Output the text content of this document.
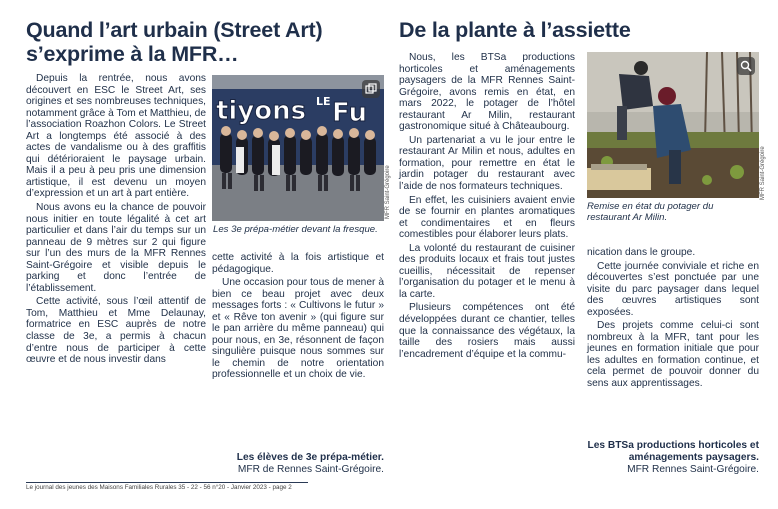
Quand l’art urbain (Street Art)
s’exprime à la MFR…

Depuis la rentrée, nous avons découvert en ESC le Street Art, ses origines et ses nombreuses techniques, notamment grâce à Tom et Matthieu, de l’association Roazhon Colors. Le Street Art a longtemps été associé à des actes de vandalisme ou à des graffitis qui détérioraient le paysage urbain. Mais il a peu à peu pris une dimension artistique, il est devenu un moyen d’expression et un art à part entière.

Nous avons eu la chance de pouvoir nous initier en toute légalité à cet art particulier et dans l’air du temps sur un panneau de 9 mètres sur 2 qui figure sur l’un des murs de la MFR Rennes Saint-Grégoire et visible depuis le parking et donc l’entrée de l’établissement.

Cette activité, sous l’œil attentif de Tom, Matthieu et Mme Delaunay, formatrice en ESC auprès de notre classe de 3e, a permis à chacun d’entre nous de participer à cette œuvre et de nous investir dans

tiyons LE Fu
MFR Saint-Grégoire
Les 3e prépa-métier devant la fresque.

cette activité à la fois artistique et pédagogique.

Une occasion pour tous de mener à bien ce beau projet avec deux messages forts : « Cultivons le futur » et « Rêve ton avenir » (qui figure sur le pan arrière du même panneau) qui pour nous, en 3e, résonnent de façon singulière puisque nous sommes sur le chemin de notre orientation professionnelle et un choix de vie.

Les élèves de 3e prépa-métier.
MFR de Rennes Saint-Grégoire.
Le journal des jeunes des Maisons Familiales Rurales 35 - 22 - 56 n°20 - Janvier 2023 - page 2
De la plante à l’assiette

Nous, les BTSa productions horticoles et aménagements paysagers de la MFR Rennes Saint-Grégoire, avons remis en état, en mars 2022, le potager de l’hôtel restaurant Ar Milin, restaurant gastronomique situé à Châteaubourg.

Un partenariat a vu le jour entre le restaurant Ar Milin et nous, adultes en formation, pour remettre en état le jardin potager du restaurant avec l’aide de nos formateurs techniques.

En effet, les cuisiniers avaient envie de se fournir en plantes aromatiques et condimentaires et en fleurs comestibles pour élaborer leurs plats.

La volonté du restaurant de cuisiner des produits locaux et frais tout justes cueillis, nécessitait de repenser l’organisation du potager et le menu à la carte.

Plusieurs compétences ont été développées durant ce chantier, telles que la connaissance des végétaux, la taille des rosiers mais aussi l’encadrement d’équipe et la commu-

MFR Saint-Grégoire
Remise en état du potager du restaurant Ar Milin.

nication dans le groupe.

Cette journée conviviale et riche en découvertes s’est ponctuée par une visite du parc paysager dans lequel des œuvres artistiques sont exposées.

Des projets comme celui-ci sont nombreux à la MFR, tant pour les jeunes en formation initiale que pour les adultes en formation continue, et cela permet de pouvoir donner du sens aux apprentissages.

Les BTSa productions horticoles et aménagements paysagers.
MFR Rennes Saint-Grégoire.
